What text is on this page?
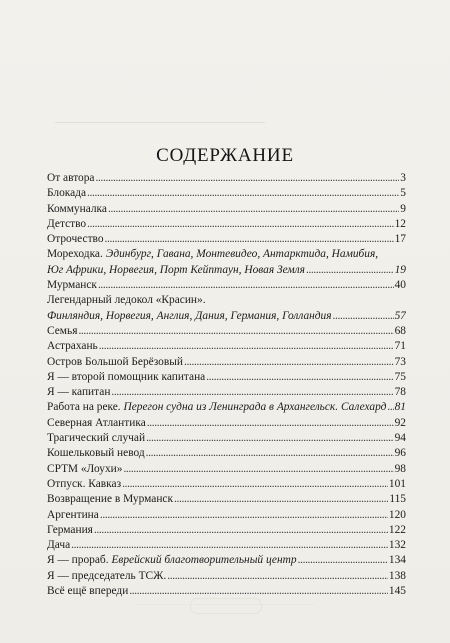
СОДЕРЖАНИЕ
От автора . . .	3
Блокада . . .	5
Коммуналка . . .	9
Детство . . .	12
Отрочество . . .	17
Мореходка. Эдинбург, Гавана, Монтевидео, Антарктида, Намибия,
Юг Африки, Норвегия, Порт Кейптаун, Новая Земля . . .	19
Мурманск . . .	40
Легендарный ледокол «Красин».
Финляндия, Норвегия, Англия, Дания, Германия, Голландия . . .	57
Семья . . .	68
Астрахань . . .	71
Остров Большой Берёзовый . . .	73
Я — второй помощник капитана . . .	75
Я — капитан . . .	78
Работа на реке. Перегон судна из Ленинграда в Архангельск. Салехард . . . 81
Северная Атлантика . . .	92
Трагический случай . . .	94
Кошельковый невод . . .	96
СРТМ «Лоухи» . . .	98
Отпуск. Кавказ . . .	101
Возвращение в Мурманск . . .	115
Аргентина . . .	120
Германия . . .	122
Дача . . .	132
Я — прораб. Еврейский благотворительный центр . . .	134
Я — председатель ТСЖ. . . .	138
Всё ещё впереди . . .	145
